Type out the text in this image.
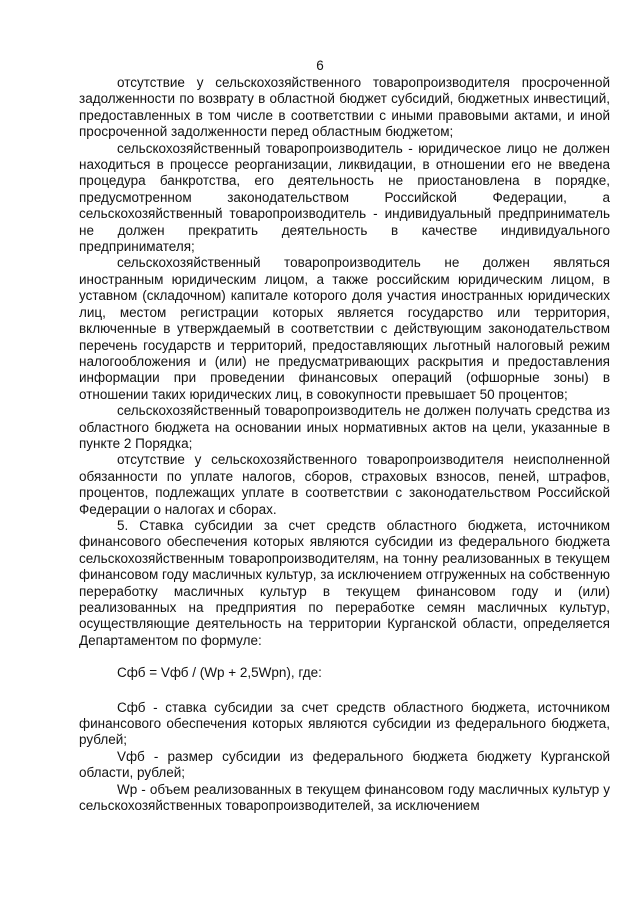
6

отсутствие у сельскохозяйственного товаропроизводителя просроченной задолженности по возврату в областной бюджет субсидий, бюджетных инвестиций, предоставленных в том числе в соответствии с иными правовыми актами, и иной просроченной задолженности перед областным бюджетом;

сельскохозяйственный товаропроизводитель - юридическое лицо не должен находиться в процессе реорганизации, ликвидации, в отношении его не введена процедура банкротства, его деятельность не приостановлена в порядке, предусмотренном законодательством Российской Федерации, а сельскохозяйственный товаропроизводитель - индивидуальный предприниматель не должен прекратить деятельность в качестве индивидуального предпринимателя;

сельскохозяйственный товаропроизводитель не должен являться иностранным юридическим лицом, а также российским юридическим лицом, в уставном (складочном) капитале которого доля участия иностранных юридических лиц, местом регистрации которых является государство или территория, включенные в утверждаемый в соответствии с действующим законодательством перечень государств и территорий, предоставляющих льготный налоговый режим налогообложения и (или) не предусматривающих раскрытия и предоставления информации при проведении финансовых операций (офшорные зоны) в отношении таких юридических лиц, в совокупности превышает 50 процентов;

сельскохозяйственный товаропроизводитель не должен получать средства из областного бюджета на основании иных нормативных актов на цели, указанные в пункте 2 Порядка;

отсутствие у сельскохозяйственного товаропроизводителя неисполненной обязанности по уплате налогов, сборов, страховых взносов, пеней, штрафов, процентов, подлежащих уплате в соответствии с законодательством Российской Федерации о налогах и сборах.

5. Ставка субсидии за счет средств областного бюджета, источником финансового обеспечения которых являются субсидии из федерального бюджета сельскохозяйственным товаропроизводителям, на тонну реализованных в текущем финансовом году масличных культур, за исключением отгруженных на собственную переработку масличных культур в текущем финансовом году и (или) реализованных на предприятия по переработке семян масличных культур, осуществляющие деятельность на территории Курганской области, определяется Департаментом по формуле:

Сфб = Vфб / (Wp + 2,5Wpn), где:

Сфб - ставка субсидии за счет средств областного бюджета, источником финансового обеспечения которых являются субсидии из федерального бюджета, рублей;

Vфб - размер субсидии из федерального бюджета бюджету Курганской области, рублей;

Wp - объем реализованных в текущем финансовом году масличных культур у сельскохозяйственных товаропроизводителей, за исключением
